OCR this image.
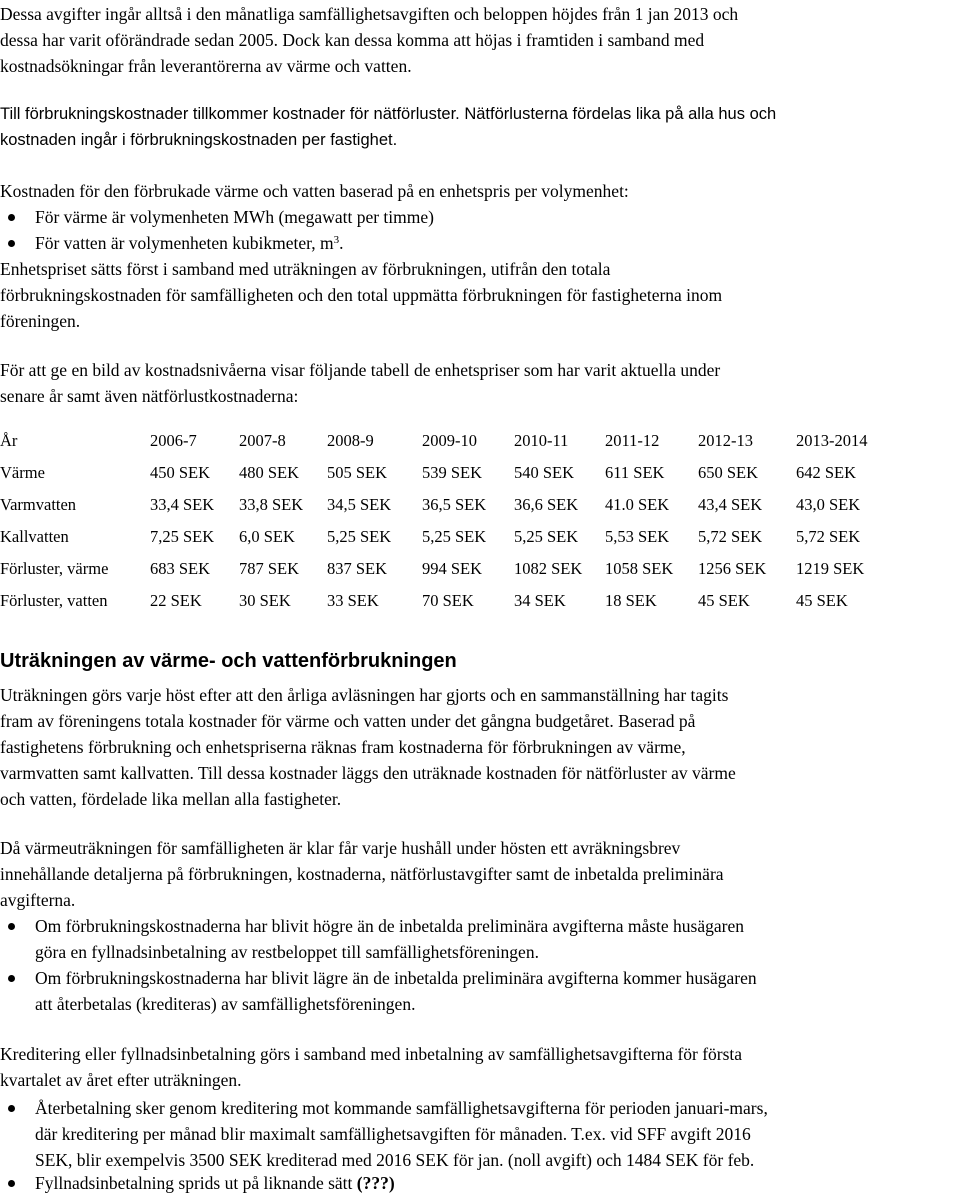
Dessa avgifter ingår alltså i den månatliga samfällighetsavgiften och beloppen höjdes från 1 jan 2013 och

dessa har varit oförändrade sedan 2005. Dock kan dessa komma att höjas i framtiden i samband med

kostnadsökningar från leverantörerna av värme och vatten.

Till förbrukningskostnader tillkommer kostnader för nätförluster. Nätförlusterna fördelas lika på alla hus och

kostnaden ingår i förbrukningskostnaden per fastighet.

Kostnaden för den förbrukade värme och vatten baserad på en enhetspris per volymenhet:

För värme är volymenheten MWh (megawatt per timme)
För vatten är volymenheten kubikmeter, $m^3$.

Enhetspriset sätts först i samband med uträkningen av förbrukningen, utifrån den totala

förbrukningskostnaden för samfälligheten och den total uppmätta förbrukningen för fastigheterna inom

föreningen.

För att ge en bild av kostnadsnivåerna visar följande tabell de enhetspriser som har varit aktuella under

senare år samt även nätförlustkostnaderna:

År	2006-7	2007-8	2008-9	2009-10	2010-11	2011-12	2012-13	2013-2014
Värme	450 SEK	480 SEK	505 SEK	539 SEK	540 SEK	611 SEK	650 SEK	642 SEK
Varmvatten	33,4 SEK	33,8 SEK	34,5 SEK	36,5 SEK	36,6 SEK	41.0 SEK	43,4 SEK	43,0 SEK
Kallvatten	7,25 SEK	6,0 SEK	5,25 SEK	5,25 SEK	5,25 SEK	5,53 SEK	5,72 SEK	5,72 SEK
Förluster, värme	683 SEK	787 SEK	837 SEK	994 SEK	1082 SEK	1058 SEK	1256 SEK	1219 SEK
Förluster, vatten	22 SEK	30 SEK	33 SEK	70 SEK	34 SEK	18 SEK	45 SEK	45 SEK
Uträkningen av värme- och vattenförbrukningen

Uträkningen görs varje höst efter att den årliga avläsningen har gjorts och en sammanställning har tagits

fram av föreningens totala kostnader för värme och vatten under det gångna budgetåret. Baserad på

fastighetens förbrukning och enhetspriserna räknas fram kostnaderna för förbrukningen av värme,

varmvatten samt kallvatten. Till dessa kostnader läggs den uträknade kostnaden för nätförluster av värme

och vatten, fördelade lika mellan alla fastigheter.

Då värmeuträkningen för samfälligheten är klar får varje hushåll under hösten ett avräkningsbrev

innehållande detaljerna på förbrukningen, kostnaderna, nätförlustavgifter samt de inbetalda preliminära

avgifterna.

Om förbrukningskostnaderna har blivit högre än de inbetalda preliminära avgifterna måste husägaren
göra en fyllnadsinbetalning av restbeloppet till samfällighetsföreningen.
Om förbrukningskostnaderna har blivit lägre än de inbetalda preliminära avgifterna kommer husägaren
att återbetalas (krediteras) av samfällighetsföreningen.

Kreditering eller fyllnadsinbetalning görs i samband med inbetalning av samfällighetsavgifterna för första

kvartalet av året efter uträkningen.

Återbetalning sker genom kreditering mot kommande samfällighetsavgifterna för perioden januari-mars,
där kreditering per månad blir maximalt samfällighetsavgiften för månaden. T.ex. vid SFF avgift 2016
SEK, blir exempelvis 3500 SEK krediterad med 2016 SEK för jan. (noll avgift) och 1484 SEK för feb.
Fyllnadsinbetalning sprids ut på liknande sätt (???)
